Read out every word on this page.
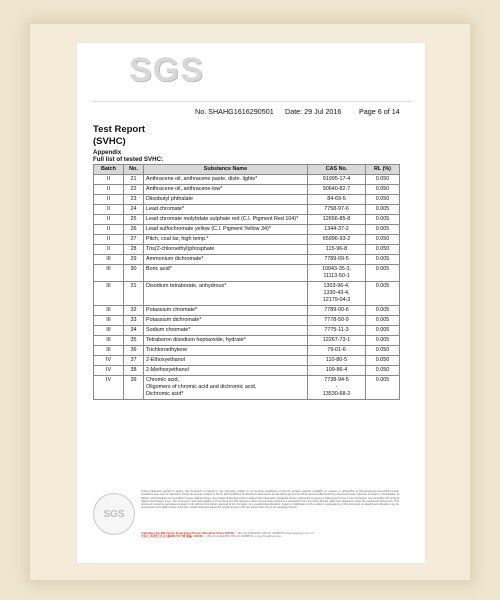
SGS
No. SHAHG1616290501 Date: 29 Jul 2016 Page 6 of 14
Test Report
(SVHC)
Appendix
Full list of tested SVHC:
Batch	No.	Substance Name	CAS No.	RL (%)
II	21	Anthracene oil, anthracene paste, distn. lights*	91995-17-4	0.050
II	22	Anthracene oil, anthracene-low*	90640-82-7	0.050
II	23	Diisobutyl phthalate	84-69-5	0.050
II	24	Lead chromate*	7758-97-6	0.005
II	25	Lead chromate molybdate sulphate red (C.I. Pigment Red 104)*	12656-85-8	0.005
II	26	Lead sulfochromate yellow (C.I. Pigment Yellow 34)*	1344-37-2	0.005
II	27	Pitch, coal tar, high temp.*	65996-93-2	0.050
II	28	Tris(2-chloroethyl)phosphate	115-96-8	0.050
III	29	Ammonium dichromate*	7789-09-5	0.005
III	30	Boric acid*	10043-35-3,
11113-50-1	0.005
III	31	Disodium tetraborate, anhydrous*	1303-96-4,
1330-43-4,
12179-04-3	0.005
III	32	Potassium chromate*	7789-00-6	0.005
III	33	Potassium dichromate*	7778-50-9	0.005
III	34	Sodium chromate*	7775-11-3	0.005
III	35	Tetraboron disodium heptaoxide, hydrate*	12267-73-1	0.005
III	36	Trichloroethylene	79-01-6	0.050
IV	37	2-Ethoxyethanol	110-80-5	0.050
IV	38	2-Methoxyethanol	109-86-4	0.050
IV	39	Chromic acid,
Oligomers of chromic acid and dichromic acid,
Dichromic acid*	7738-94-5
-
13530-68-2	0.005
SGS
Unless otherwise agreed in writing, this document is issued by the Company subject to its General Conditions of Service printed overleaf, available on request or accessible at http://www.sgs.com/en/Terms-and-Conditions.aspx and, for electronic format documents, subject to Terms and Conditions for Electronic Documents at http://www.sgs.com/en/Terms-and-Conditions/Terms-e-Document.aspx. Attention is drawn to the limitation of liability, indemnification and jurisdiction issues defined therein. Any holder of this document is advised that information contained hereon reflects the Company's findings at the time of its intervention only and within the limits of Client's instructions, if any. The Company's sole responsibility is to its Client and this document does not exonerate parties to a transaction from exercising all their rights and obligations under the transaction documents. This document cannot be reproduced except in full, without prior written approval of the Company. Any unauthorized alteration, forgery or falsification of the content or appearance of this document is unlawful and offenders may be prosecuted to the fullest extent of the law. Unless otherwise stated the results shown in this test report refer only to the sample(s) tested.
3ˉBuilding, No.889 Yishan Road Xuhui District,Shanghai China 200233 t (86-21) 61402666 f (86-21) 64958762 www.sgsgroup.com.cn
中国·上海·徐汇区宜山路889号3号楼 邮编: 200233 t (86-21) 61402666 f (86-21) 64958762 e sgs.china@sgs.com
